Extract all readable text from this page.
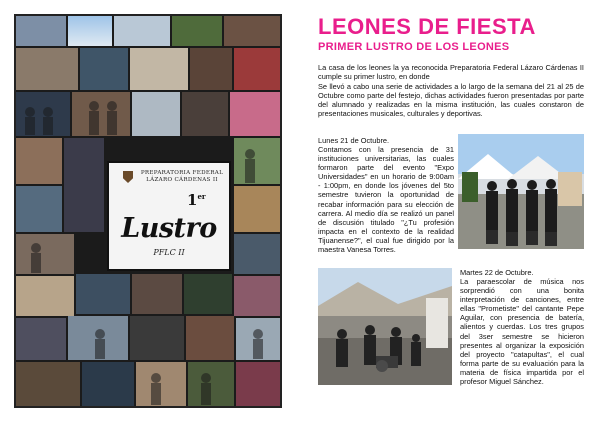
PREPARATORIA FEDERAL LÁZARO CÁRDENAS II
1er
Lustro
PFLC II
LEONES DE FIESTA
PRIMER LUSTRO DE LOS LEONES

La casa de los leones la ya reconocida Preparatoria Federal Lázaro Cárdenas II cumple su primer lustro, en donde

Se llevó a cabo una serie de actividades a lo largo de la semana del 21 al 25 de Octubre como parte del festejo, dichas actividades fueron presentadas por parte del alumnado y realizadas en la misma institución, las cuales constaron de presentaciones musicales, culturales y deportivas.

Lunes 21 de Octubre.

Contamos con la presencia de 31 instituciones universitarias, las cuales formaron parte del evento "Expo Universidades" en un horario de 9:00am - 1:00pm, en donde los jóvenes del 5to semestre tuvieron la oportunidad de recabar información para su elección de carrera. Al medio día se realizó un panel de discusión titulado "¿Tu profesión impacta en el contexto de la realidad Tijuanense?", el cual fue dirigido por la maestra Vanesa Torres.

Martes 22 de Octubre.

La paraescolar de música nos sorprendió con una bonita interpretación de canciones, entre ellas "Prometiste" del cantante Pepe Aguilar, con presencia de batería, alientos y cuerdas. Los tres grupos del 3ser semestre se hicieron presentes al organizar la exposición del proyecto "catapultas", el cual forma parte de su evaluación para la materia de física impartida por el profesor Miguel Sánchez.
